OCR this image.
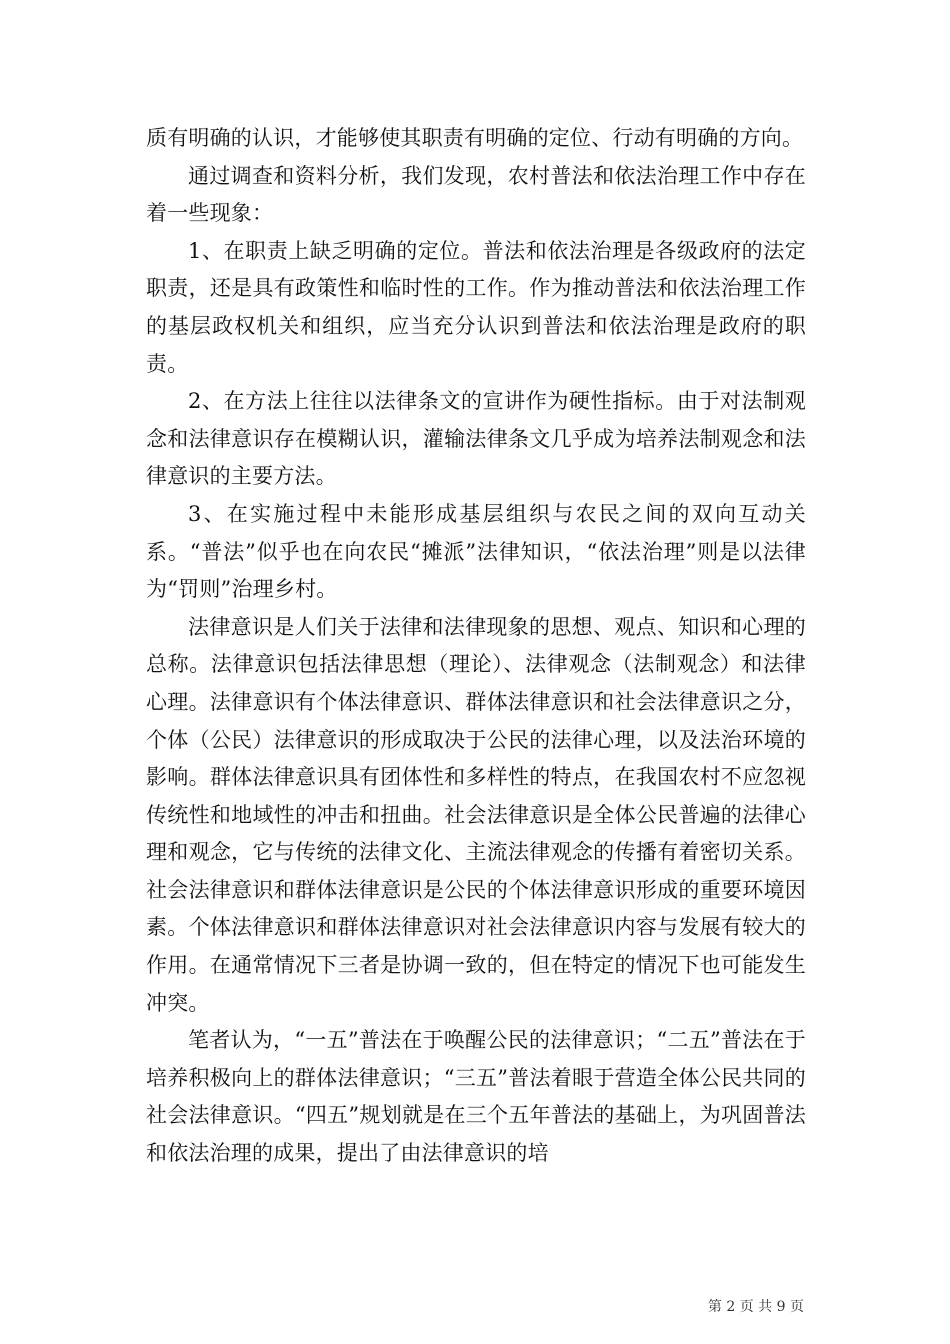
质有明确的认识，才能够使其职责有明确的定位、行动有明确的方向。

通过调查和资料分析，我们发现，农村普法和依法治理工作中存在着一些现象：

1、在职责上缺乏明确的定位。普法和依法治理是各级政府的法定职责，还是具有政策性和临时性的工作。作为推动普法和依法治理工作的基层政权机关和组织，应当充分认识到普法和依法治理是政府的职责。

2、在方法上往往以法律条文的宣讲作为硬性指标。由于对法制观念和法律意识存在模糊认识，灌输法律条文几乎成为培养法制观念和法律意识的主要方法。

3、在实施过程中未能形成基层组织与农民之间的双向互动关系。“普法”似乎也在向农民“摊派”法律知识，“依法治理”则是以法律为“罚则”治理乡村。

法律意识是人们关于法律和法律现象的思想、观点、知识和心理的总称。法律意识包括法律思想（理论）、法律观念（法制观念）和法律心理。法律意识有个体法律意识、群体法律意识和社会法律意识之分，个体（公民）法律意识的形成取决于公民的法律心理，以及法治环境的影响。群体法律意识具有团体性和多样性的特点，在我国农村不应忽视传统性和地域性的冲击和扭曲。社会法律意识是全体公民普遍的法律心理和观念，它与传统的法律文化、主流法律观念的传播有着密切关系。社会法律意识和群体法律意识是公民的个体法律意识形成的重要环境因素。个体法律意识和群体法律意识对社会法律意识内容与发展有较大的作用。在通常情况下三者是协调一致的，但在特定的情况下也可能发生冲突。

笔者认为，“一五”普法在于唤醒公民的法律意识；“二五”普法在于培养积极向上的群体法律意识；“三五”普法着眼于营造全体公民共同的社会法律意识。“四五”规划就是在三个五年普法的基础上，为巩固普法和依法治理的成果，提出了由法律意识的培

第 2 页 共 9 页
